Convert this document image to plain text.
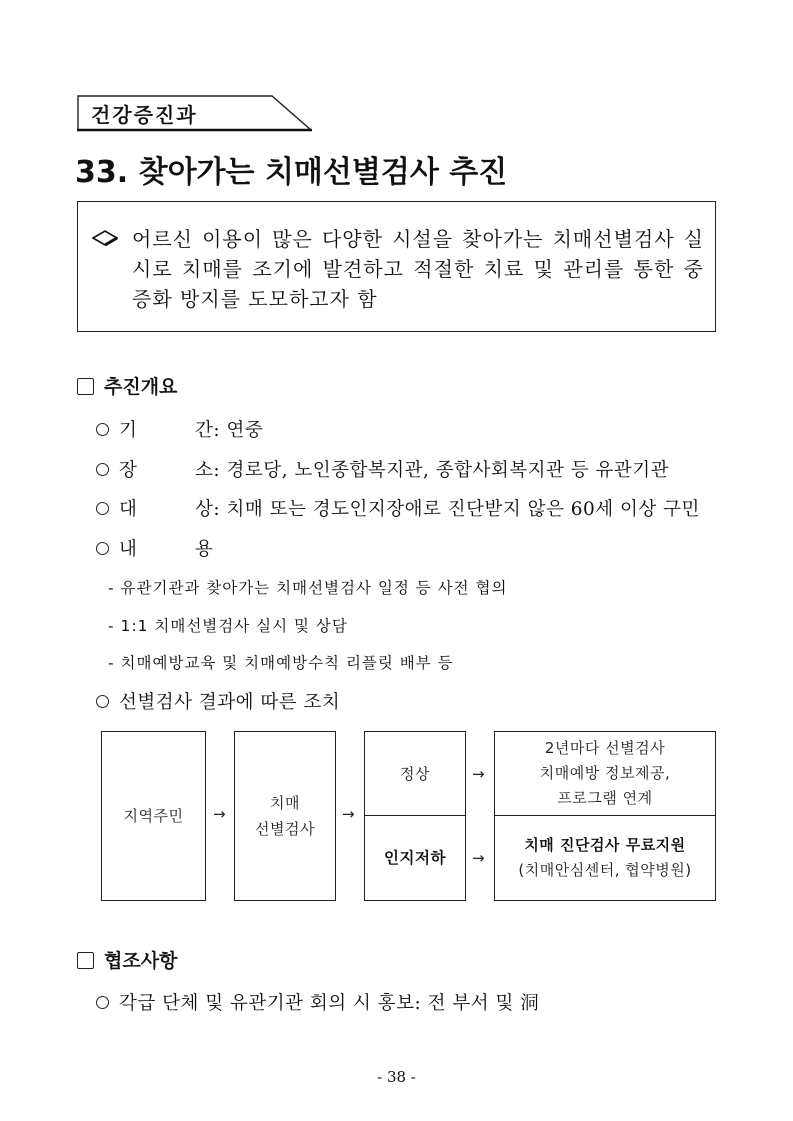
건강증진과
33. 찾아가는 치매선별검사 추진
어르신 이용이 많은 다양한 시설을 찾아가는 치매선별검사 실시로 치매를 조기에 발견하고 적절한 치료 및 관리를 통한 중증화 방지를 도모하고자 함
추진개요
기	간: 연중
장	소: 경로당, 노인종합복지관, 종합사회복지관 등 유관기관
대	상: 치매 또는 경도인지장애로 진단받지 않은 60세 이상 구민
내	용
- 유관기관과 찾아가는 치매선별검사 일정 등 사전 협의
- 1:1 치매선별검사 실시 및 상담
- 치매예방교육 및 치매예방수칙 리플릿 배부 등
선별검사 결과에 따른 조치
지역주민 →
치매
선별검사
→
정상
인지저하
→
→
2년마다 선별검사
치매예방 정보제공,
프로그램 연계
치매 진단검사 무료지원
(치매안심센터, 협약병원)
협조사항
각급 단체 및 유관기관 회의 시 홍보: 전 부서 및 洞
- 38 -
